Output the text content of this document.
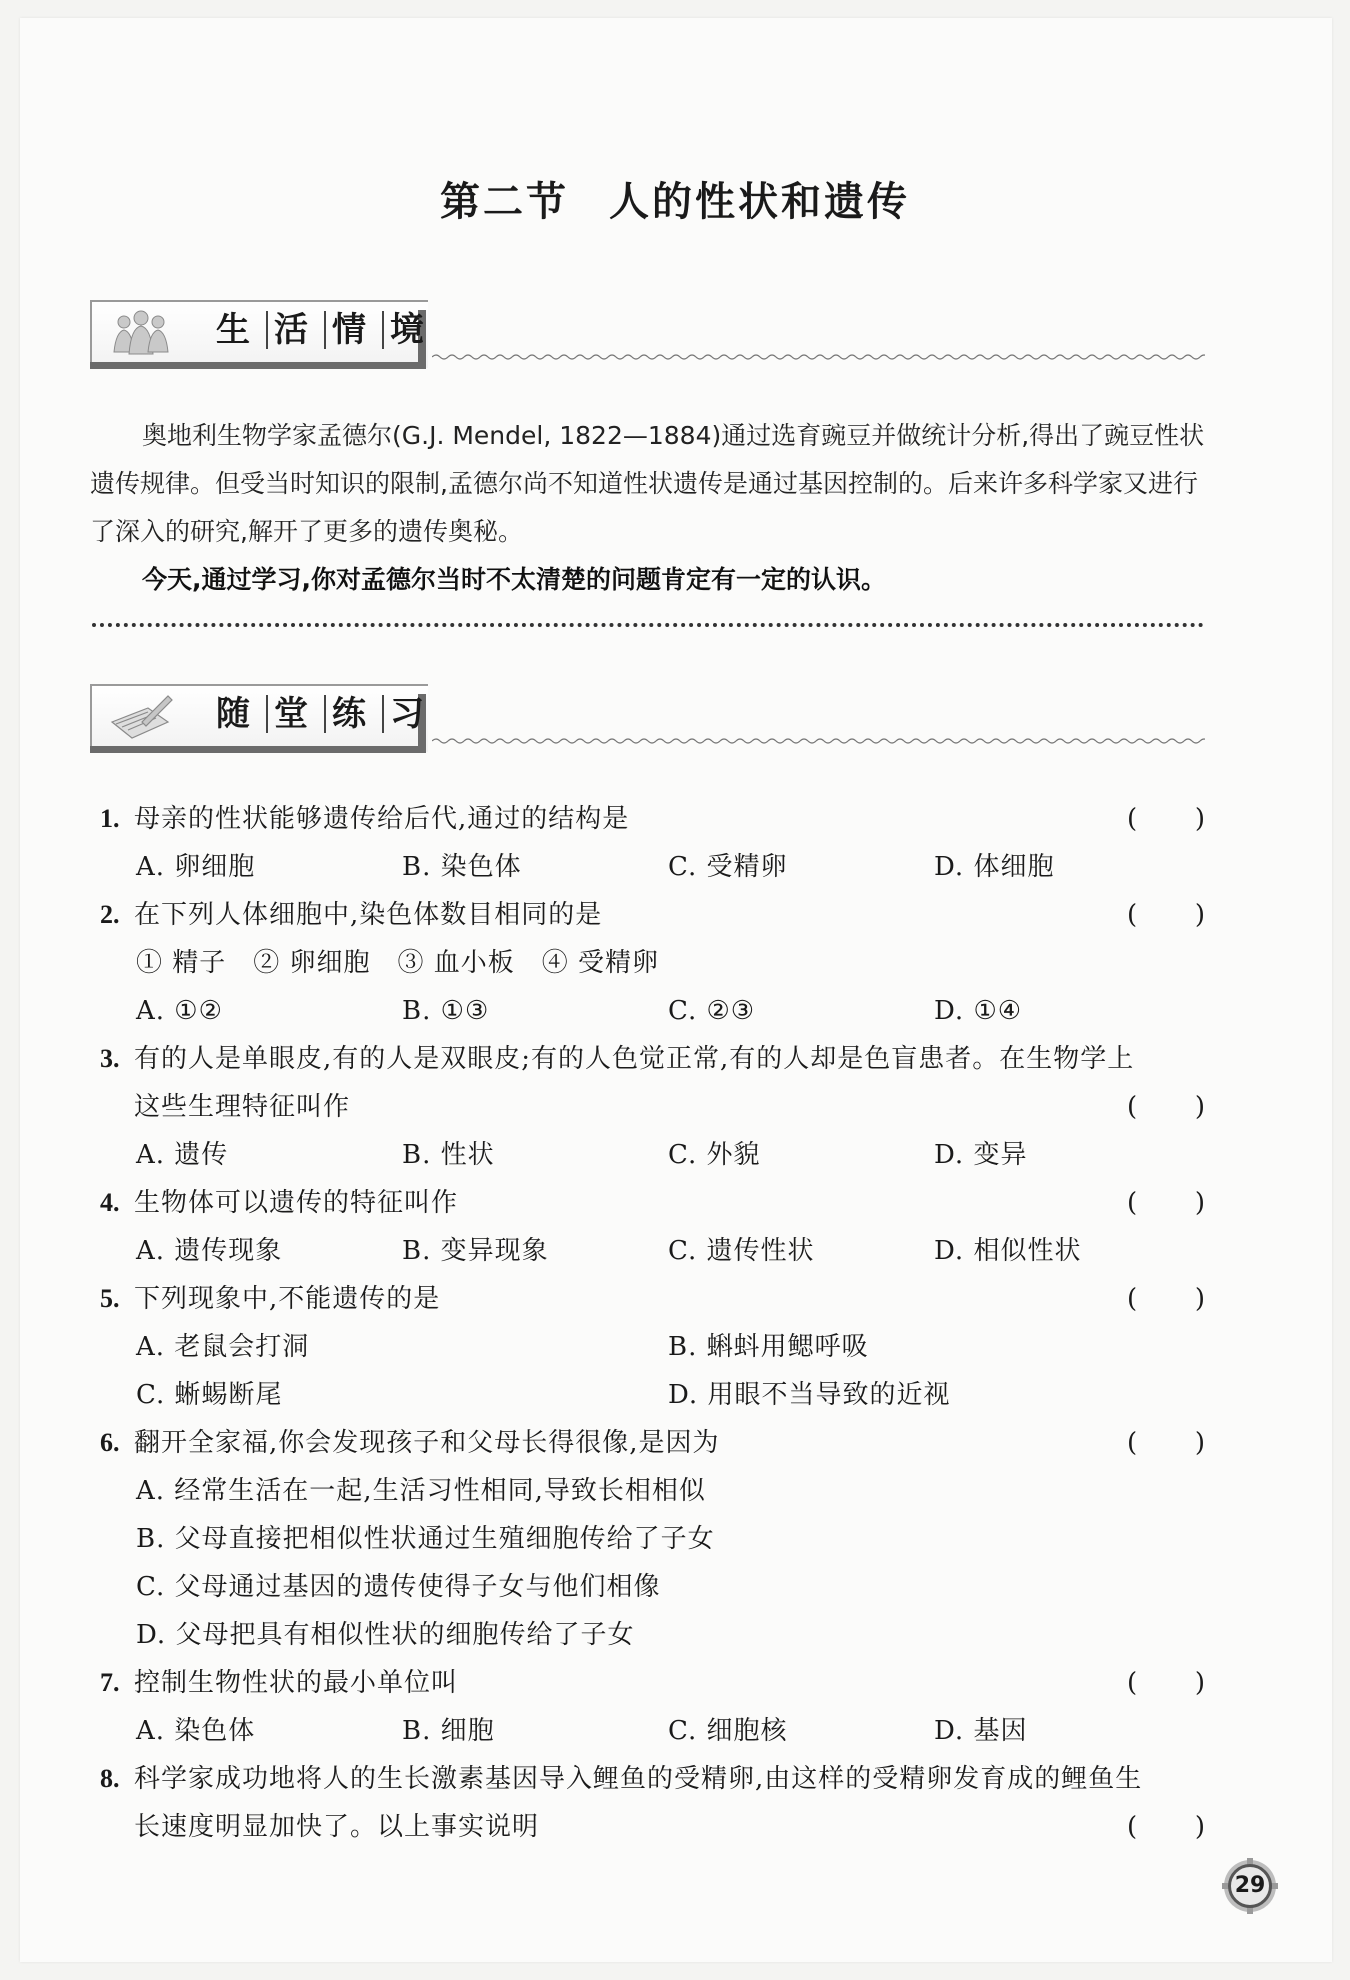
第二节 人的性状和遗传
生 活 情 境
奥地利生物学家孟德尔(G.J. Mendel, 1822—1884)通过选育豌豆并做统计分析,得出了豌豆性状遗传规律。但受当时知识的限制,孟德尔尚不知道性状遗传是通过基因控制的。后来许多科学家又进行了深入的研究,解开了更多的遗传奥秘。
今天,通过学习,你对孟德尔当时不太清楚的问题肯定有一定的认识。
随 堂 练 习
1. 母亲的性状能够遗传给后代,通过的结构是	( )
A. 卵细胞	B. 染色体	C. 受精卵	D. 体细胞
2. 在下列人体细胞中,染色体数目相同的是	( )
① 精子　② 卵细胞　③ 血小板　④ 受精卵
A. ①②	B. ①③	C. ②③	D. ①④
3. 有的人是单眼皮,有的人是双眼皮;有的人色觉正常,有的人却是色盲患者。在生物学上
这些生理特征叫作	( )
A. 遗传	B. 性状	C. 外貌	D. 变异
4. 生物体可以遗传的特征叫作	( )
A. 遗传现象	B. 变异现象	C. 遗传性状	D. 相似性状
5. 下列现象中,不能遗传的是	( )
A. 老鼠会打洞	B. 蝌蚪用鳃呼吸
C. 蜥蜴断尾	D. 用眼不当导致的近视
6. 翻开全家福,你会发现孩子和父母长得很像,是因为	( )
A. 经常生活在一起,生活习性相同,导致长相相似
B. 父母直接把相似性状通过生殖细胞传给了子女
C. 父母通过基因的遗传使得子女与他们相像
D. 父母把具有相似性状的细胞传给了子女
7. 控制生物性状的最小单位叫	( )
A. 染色体	B. 细胞	C. 细胞核	D. 基因
8. 科学家成功地将人的生长激素基因导入鲤鱼的受精卵,由这样的受精卵发育成的鲤鱼生
长速度明显加快了。以上事实说明	( )
29
